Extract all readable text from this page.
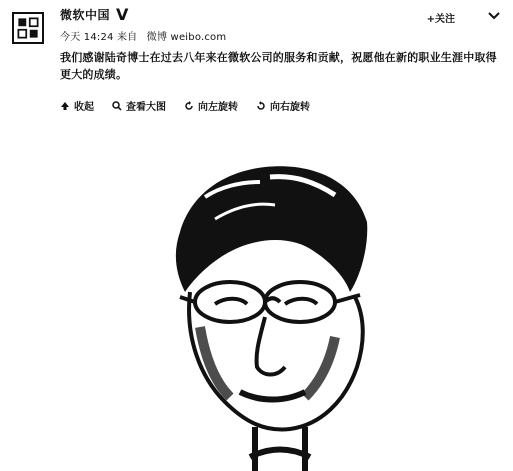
微软中国 V
今天 14:24 来自 微博 weibo.com
+关注
我们感谢陆奇博士在过去八年来在微软公司的服务和贡献，祝愿他在新的职业生涯中取得更大的成绩。
收起	查看大图	向左旋转	向右旋转
